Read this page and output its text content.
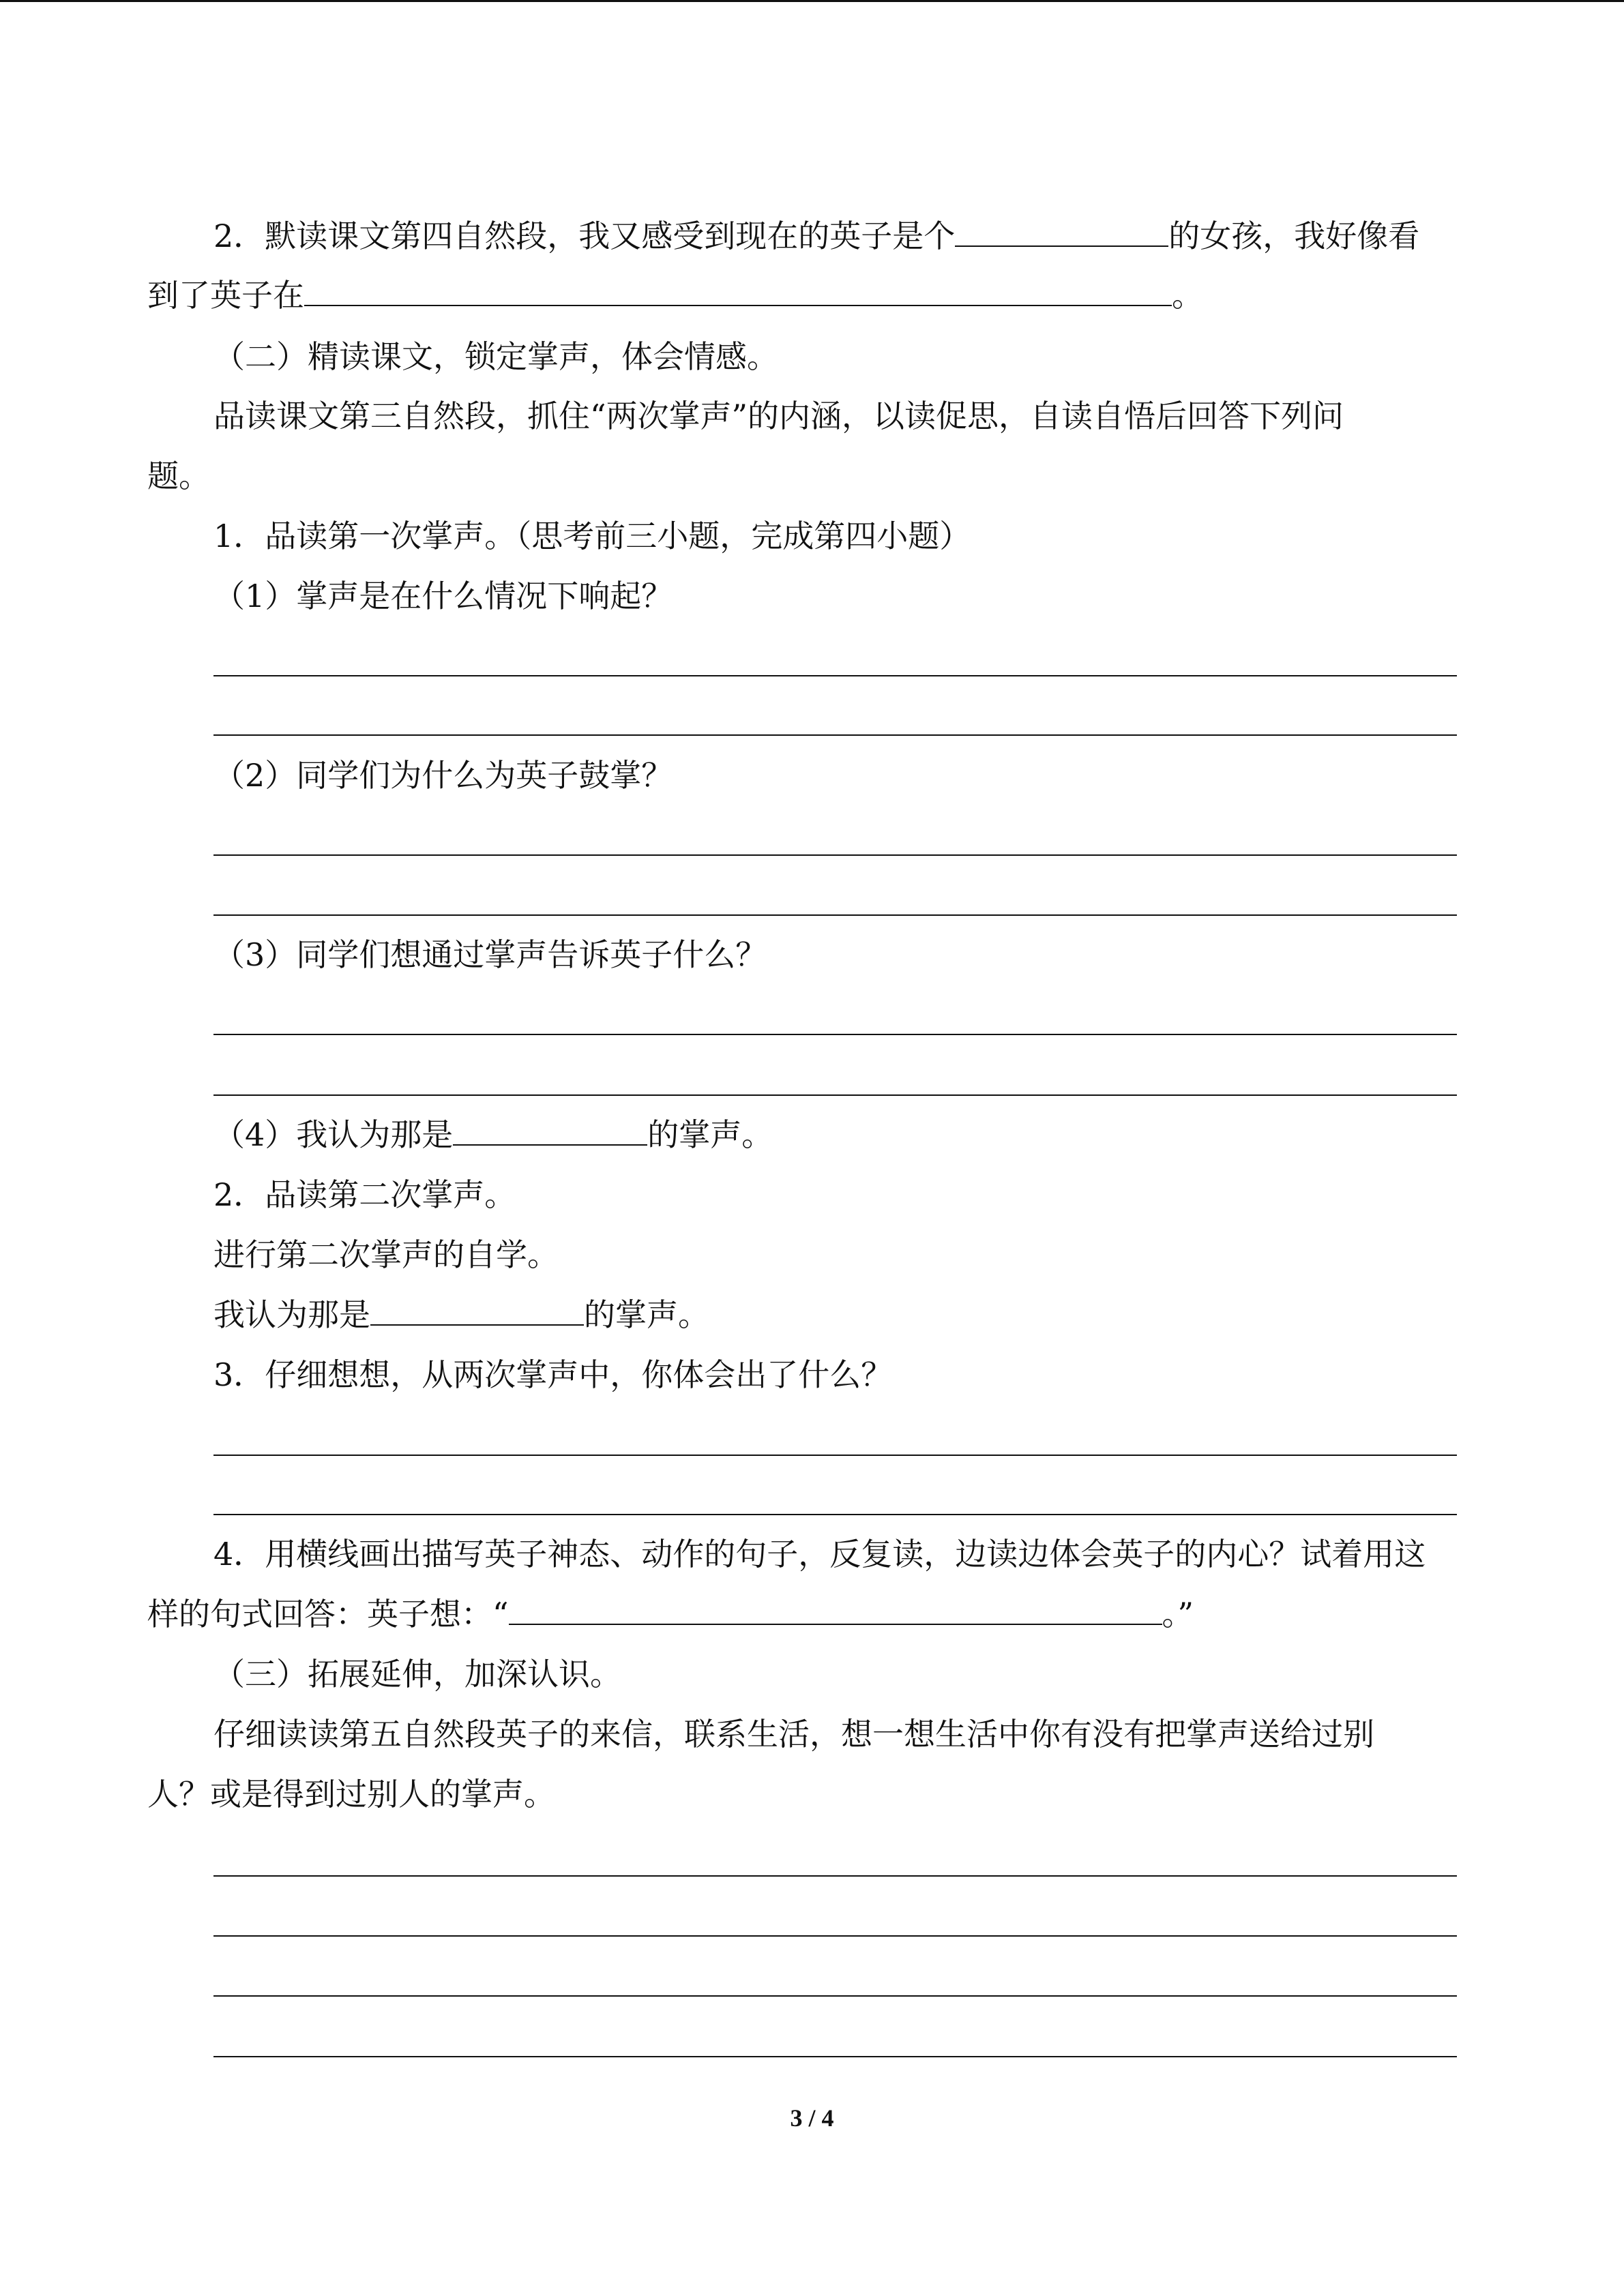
2．默读课文第四自然段，我又感受到现在的英子是个	的女孩，我好像看
到了英子在	。
（二）精读课文，锁定掌声，体会情感。
品读课文第三自然段，抓住“两次掌声”的内涵，以读促思，自读自悟后回答下列问
题。
1．品读第一次掌声。（思考前三小题，完成第四小题）
（1）掌声是在什么情况下响起？
（2）同学们为什么为英子鼓掌？
（3）同学们想通过掌声告诉英子什么？
（4）我认为那是	的掌声。
2．品读第二次掌声。
进行第二次掌声的自学。
我认为那是	的掌声。
3．仔细想想，从两次掌声中，你体会出了什么？
4．用横线画出描写英子神态、动作的句子，反复读，边读边体会英子的内心？试着用这
样的句式回答：英子想：“	。”
（三）拓展延伸，加深认识。
仔细读读第五自然段英子的来信，联系生活，想一想生活中你有没有把掌声送给过别
人？或是得到过别人的掌声。
3 / 4
